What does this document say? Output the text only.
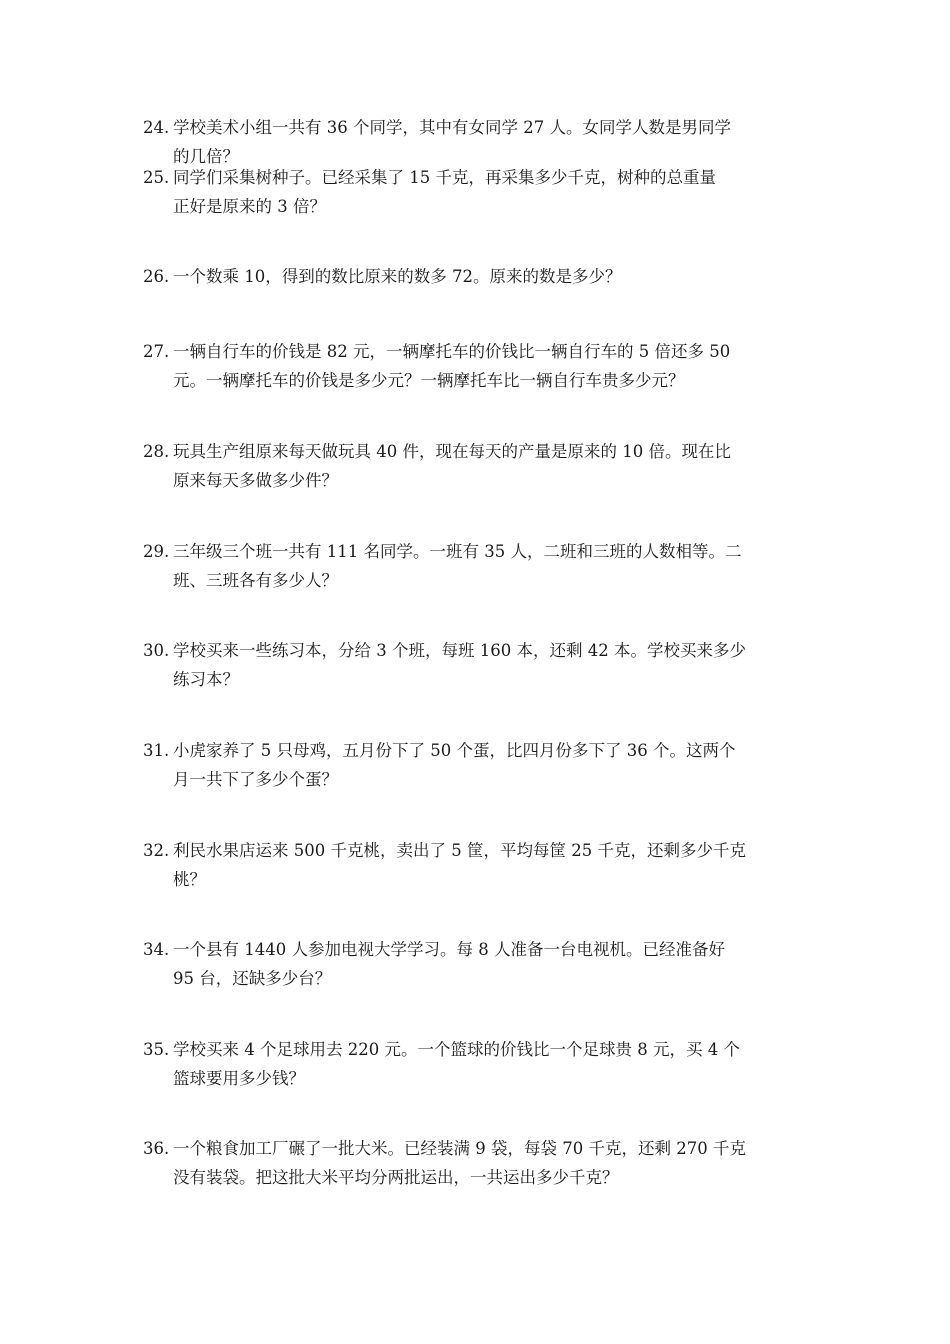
24. 学校美术小组一共有 36 个同学，其中有女同学 27 人。女同学人数是男同学
的几倍？
25. 同学们采集树种子。已经采集了 15 千克，再采集多少千克，树种的总重量
正好是原来的 3 倍？
26. 一个数乘 10，得到的数比原来的数多 72。原来的数是多少？
27. 一辆自行车的价钱是 82 元，一辆摩托车的价钱比一辆自行车的 5 倍还多 50
元。一辆摩托车的价钱是多少元？一辆摩托车比一辆自行车贵多少元？
28. 玩具生产组原来每天做玩具 40 件，现在每天的产量是原来的 10 倍。现在比
原来每天多做多少件？
29. 三年级三个班一共有 111 名同学。一班有 35 人，二班和三班的人数相等。二
班、三班各有多少人？
30. 学校买来一些练习本，分给 3 个班，每班 160 本，还剩 42 本。学校买来多少
练习本？
31. 小虎家养了 5 只母鸡，五月份下了 50 个蛋，比四月份多下了 36 个。这两个
月一共下了多少个蛋？
32. 利民水果店运来 500 千克桃，卖出了 5 筐，平均每筐 25 千克，还剩多少千克
桃？
34. 一个县有 1440 人参加电视大学学习。每 8 人准备一台电视机。已经准备好
95 台，还缺多少台？
35. 学校买来 4 个足球用去 220 元。一个篮球的价钱比一个足球贵 8 元，买 4 个
篮球要用多少钱？
36. 一个粮食加工厂碾了一批大米。已经装满 9 袋，每袋 70 千克，还剩 270 千克
没有装袋。把这批大米平均分两批运出，一共运出多少千克？
